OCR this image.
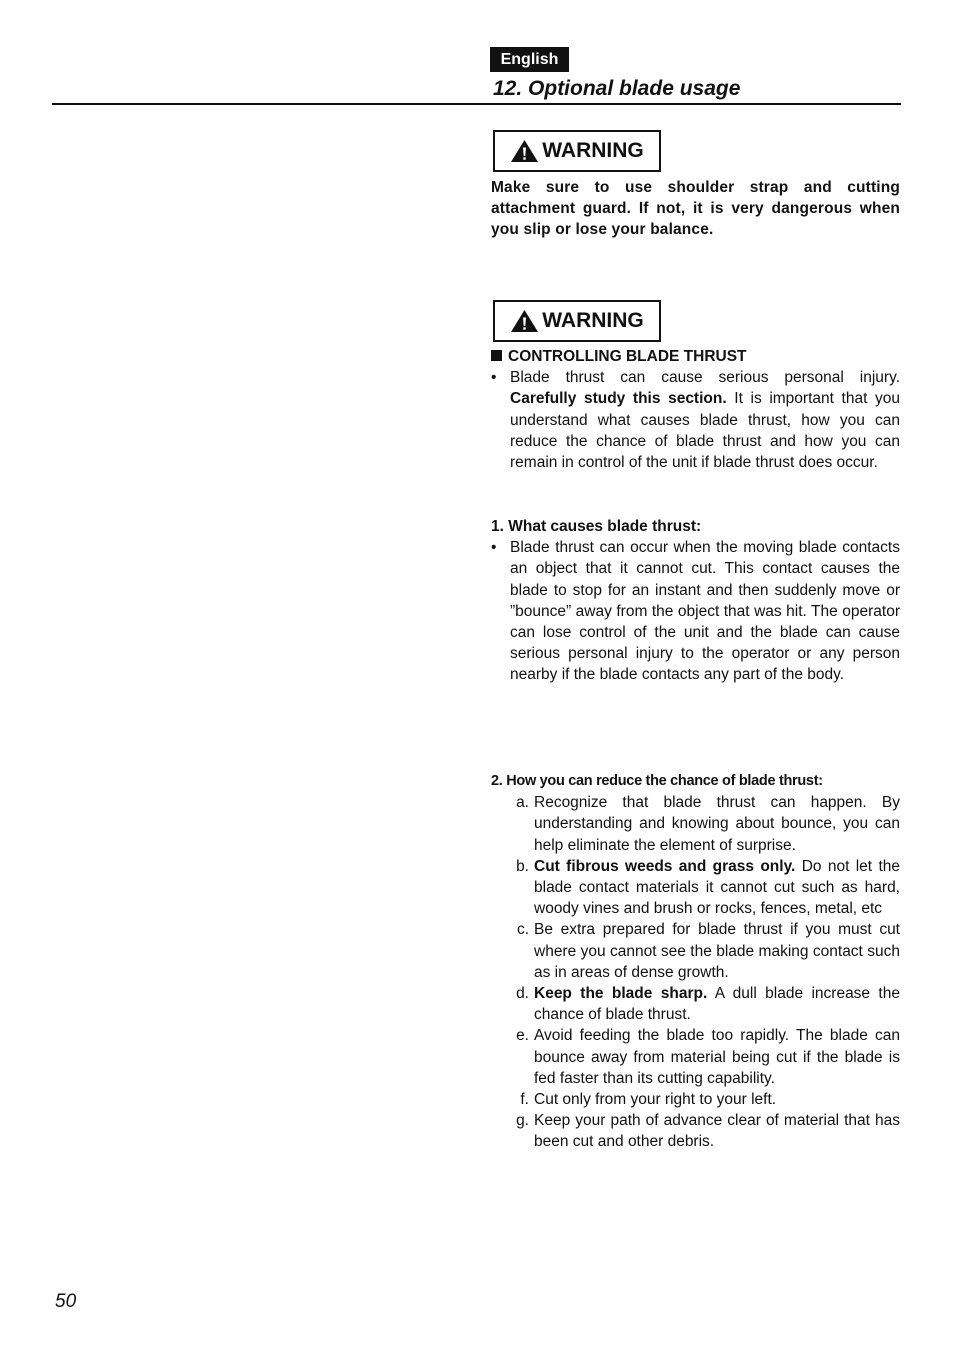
English
12. Optional blade usage
WARNING
Make sure to use shoulder strap and cutting attachment guard. If not, it is very dangerous when you slip or lose your balance.
WARNING
CONTROLLING BLADE THRUST
• Blade thrust can cause serious personal injury. Carefully study this section. It is important that you understand what causes blade thrust, how you can reduce the chance of blade thrust and how you can remain in control of the unit if blade thrust does occur.
1. What causes blade thrust:
• Blade thrust can occur when the moving blade contacts an object that it cannot cut. This contact causes the blade to stop for an instant and then suddenly move or ”bounce” away from the object that was hit. The operator can lose control of the unit and the blade can cause serious personal injury to the operator or any person nearby if the blade contacts any part of the body.
2. How you can reduce the chance of blade thrust:
a. Recognize that blade thrust can happen. By understanding and knowing about bounce, you can help eliminate the element of surprise.
b. Cut fibrous weeds and grass only. Do not let the blade contact materials it cannot cut such as hard, woody vines and brush or rocks, fences, metal, etc
c. Be extra prepared for blade thrust if you must cut where you cannot see the blade making contact such as in areas of dense growth.
d. Keep the blade sharp. A dull blade increase the chance of blade thrust.
e. Avoid feeding the blade too rapidly. The blade can bounce away from material being cut if the blade is fed faster than its cutting capability.
f. Cut only from your right to your left.
g. Keep your path of advance clear of material that has been cut and other debris.
50
